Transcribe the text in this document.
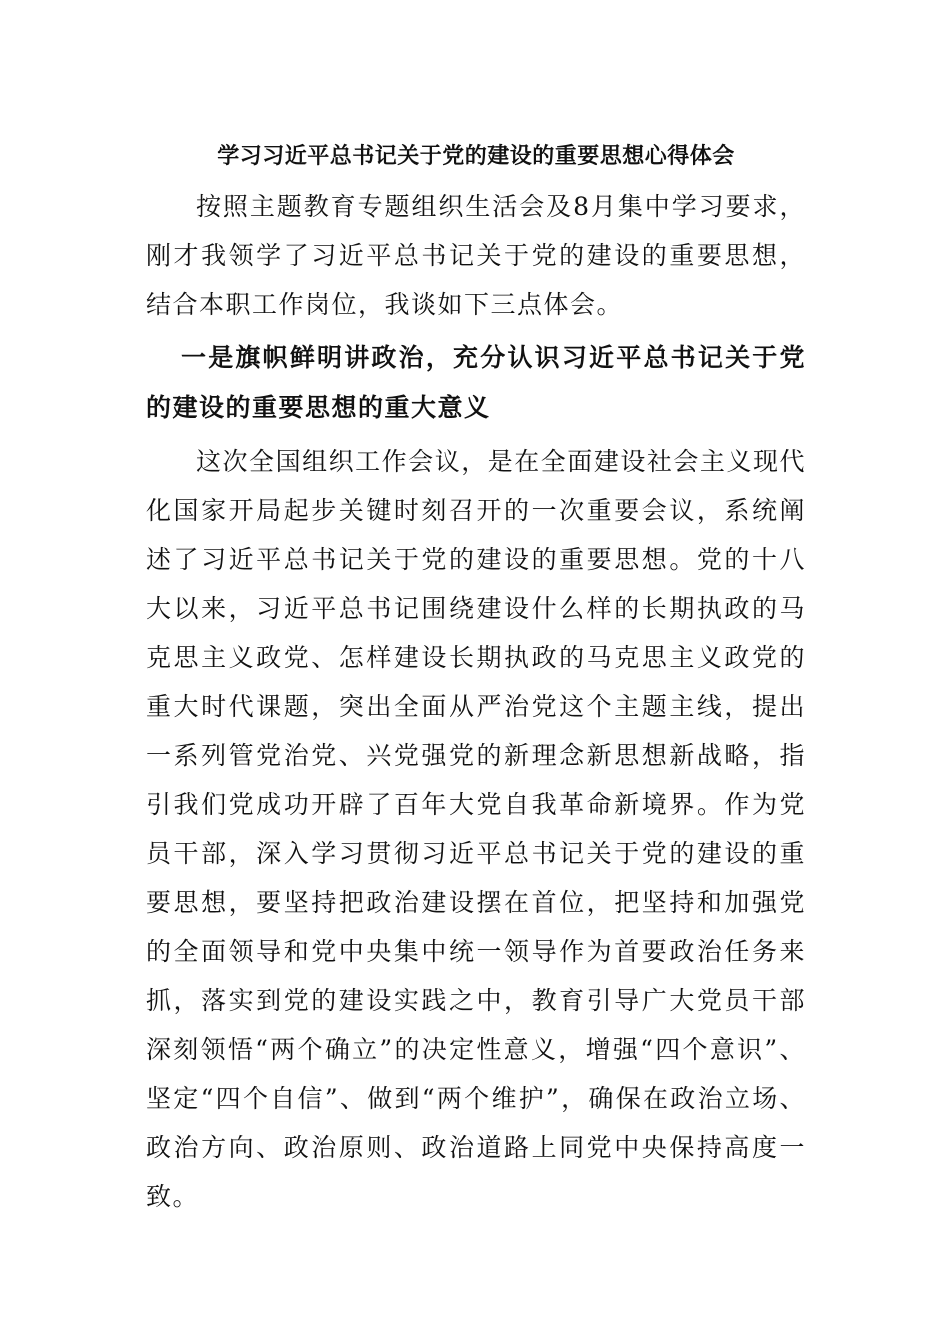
学习习近平总书记关于党的建设的重要思想心得体会

按照主题教育专题组织生活会及8月集中学习要求，刚才我领学了习近平总书记关于党的建设的重要思想，结合本职工作岗位，我谈如下三点体会。

一是旗帜鲜明讲政治，充分认识习近平总书记关于党的建设的重要思想的重大意义

这次全国组织工作会议，是在全面建设社会主义现代化国家开局起步关键时刻召开的一次重要会议，系统阐述了习近平总书记关于党的建设的重要思想。党的十八大以来，习近平总书记围绕建设什么样的长期执政的马克思主义政党、怎样建设长期执政的马克思主义政党的重大时代课题，突出全面从严治党这个主题主线，提出一系列管党治党、兴党强党的新理念新思想新战略，指引我们党成功开辟了百年大党自我革命新境界。作为党员干部，深入学习贯彻习近平总书记关于党的建设的重要思想，要坚持把政治建设摆在首位，把坚持和加强党的全面领导和党中央集中统一领导作为首要政治任务来抓，落实到党的建设实践之中，教育引导广大党员干部深刻领悟“两个确立”的决定性意义，增强“四个意识”、坚定“四个自信”、做到“两个维护”，确保在政治立场、政治方向、政治原则、政治道路上同党中央保持高度一致。
